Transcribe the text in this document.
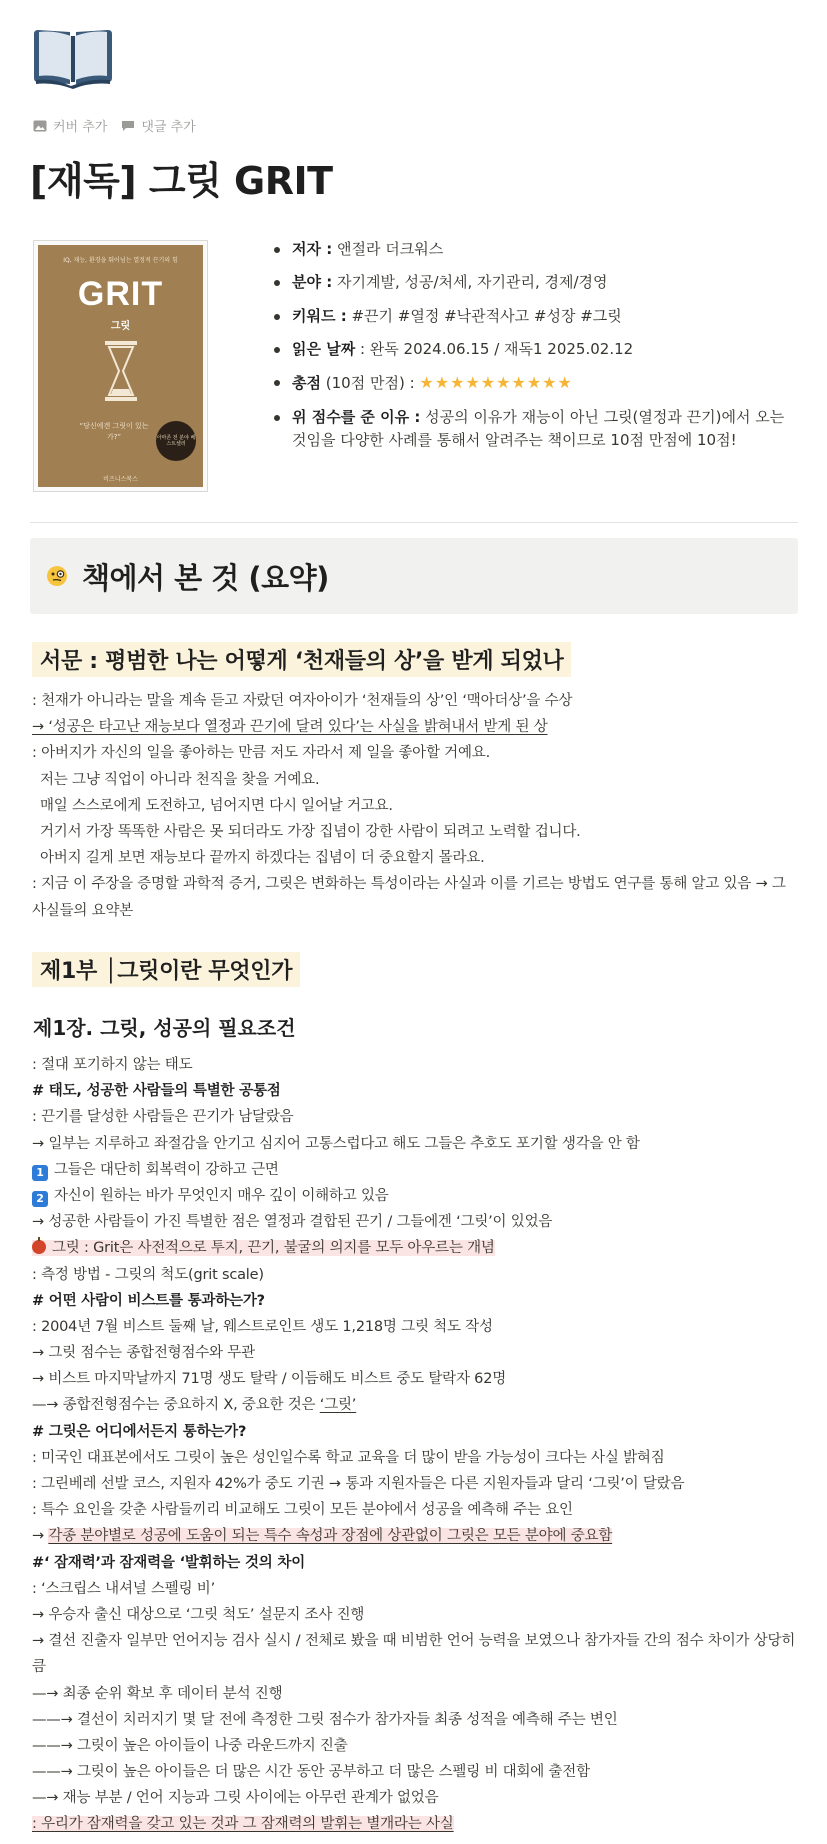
커버 추가	댓글 추가
[재독] 그릿 GRIT
IQ, 재능, 환경을 뛰어넘는 열정적 끈기의 힘
GRIT
그릿
“당신에겐 그릿이 있는가?”	아마존 전 분야 베스트셀러
비즈니스북스
저자 : 앤절라 더크워스
분야 : 자기계발, 성공/처세, 자기관리, 경제/경영
키워드 : #끈기 #열정 #낙관적사고 #성장 #그릿
읽은 날짜 : 완독 2024.06.15 / 재독1 2025.02.12
총점 (10점 만점) : ★★★★★★★★★★
위 점수를 준 이유 : 성공의 이유가 재능이 아닌 그릿(열정과 끈기)에서 오는 것임을 다양한 사례를 통해서 알려주는 책이므로 10점 만점에 10점!
책에서 본 것 (요약)
서문 : 평범한 나는 어떻게 ‘천재들의 상’을 받게 되었나
: 천재가 아니라는 말을 계속 듣고 자랐던 여자아이가 ‘천재들의 상’인 ‘맥아더상’을 수상
→ ‘성공은 타고난 재능보다 열정과 끈기에 달려 있다’는 사실을 밝혀내서 받게 된 상
: 아버지가 자신의 일을 좋아하는 만큼 저도 자라서 제 일을 좋아할 거예요.
저는 그냥 직업이 아니라 천직을 찾을 거예요.
매일 스스로에게 도전하고, 넘어지면 다시 일어날 거고요.
거기서 가장 똑똑한 사람은 못 되더라도 가장 집념이 강한 사람이 되려고 노력할 겁니다.
아버지 길게 보면 재능보다 끝까지 하겠다는 집념이 더 중요할지 몰라요.
: 지금 이 주장을 증명할 과학적 증거, 그릿은 변화하는 특성이라는 사실과 이를 기르는 방법도 연구를 통해 알고 있음 → 그 사실들의 요약본
제1부 │그릿이란 무엇인가
제1장. 그릿, 성공의 필요조건
: 절대 포기하지 않는 태도
# 태도, 성공한 사람들의 특별한 공통점
: 끈기를 달성한 사람들은 끈기가 남달랐음
→ 일부는 지루하고 좌절감을 안기고 심지어 고통스럽다고 해도 그들은 추호도 포기할 생각을 안 함
1 그들은 대단히 회복력이 강하고 근면
2 자신이 원하는 바가 무엇인지 매우 깊이 이해하고 있음
→ 성공한 사람들이 가진 특별한 점은 열정과 결합된 끈기 / 그들에겐 ‘그릿’이 있었음
그릿 : Grit은 사전적으로 투지, 끈기, 불굴의 의지를 모두 아우르는 개념
: 측정 방법 - 그릿의 척도(grit scale)
# 어떤 사람이 비스트를 통과하는가?
: 2004년 7월 비스트 둘째 날, 웨스트로인트 생도 1,218명 그릿 척도 작성
→ 그릿 점수는 종합전형점수와 무관
→ 비스트 마지막날까지 71명 생도 탈락 / 이듬해도 비스트 중도 탈락자 62명
—→ 종합전형점수는 중요하지 X, 중요한 것은 ‘그릿’
# 그릿은 어디에서든지 통하는가?
: 미국인 대표본에서도 그릿이 높은 성인일수록 학교 교육을 더 많이 받을 가능성이 크다는 사실 밝혀짐
: 그린베레 선발 코스, 지원자 42%가 중도 기권 → 통과 지원자들은 다른 지원자들과 달리 ‘그릿’이 달랐음
: 특수 요인을 갖춘 사람들끼리 비교해도 그릿이 모든 분야에서 성공을 예측해 주는 요인
→ 각종 분야별로 성공에 도움이 되는 특수 속성과 장점에 상관없이 그릿은 모든 분야에 중요함
#‘ 잠재력’과 잠재력을 ‘발휘하는 것의 차이
: ‘스크립스 내셔널 스펠링 비’
→ 우승자 출신 대상으로 ‘그릿 척도’ 설문지 조사 진행
→ 결선 진출자 일부만 언어지능 검사 실시 / 전체로 봤을 때 비범한 언어 능력을 보였으나 참가자들 간의 점수 차이가 상당히 큼
—→ 최종 순위 확보 후 데이터 분석 진행
——→ 결선이 치러지기 몇 달 전에 측정한 그릿 점수가 참가자들 최종 성적을 예측해 주는 변인
——→ 그릿이 높은 아이들이 나중 라운드까지 진출
——→ 그릿이 높은 아이들은 더 많은 시간 동안 공부하고 더 많은 스펠링 비 대회에 출전함
—→ 재능 부분 / 언어 지능과 그릿 사이에는 아무런 관계가 없었음
: 우리가 잠재력을 갖고 있는 것과 그 잠재력의 발휘는 별개라는 사실
